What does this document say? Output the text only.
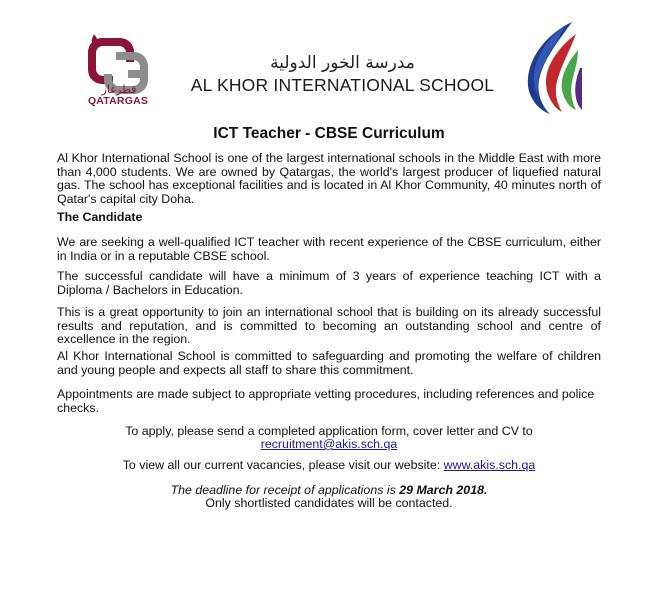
قطرغاز
QATARGAS
مدرسة الخور الدولية
AL KHOR INTERNATIONAL SCHOOL
ICT Teacher - CBSE Curriculum

Al Khor International School is one of the largest international schools in the Middle East with more than 4,000 students. We are owned by Qatargas, the world's largest producer of liquefied natural gas. The school has exceptional facilities and is located in Al Khor Community, 40 minutes north of Qatar's capital city Doha.

The Candidate

We are seeking a well-qualified ICT teacher with recent experience of the CBSE curriculum, either in India or in a reputable CBSE school.

The successful candidate will have a minimum of 3 years of experience teaching ICT with a Diploma / Bachelors in Education.

This is a great opportunity to join an international school that is building on its already successful results and reputation, and is committed to becoming an outstanding school and centre of excellence in the region.

Al Khor International School is committed to safeguarding and promoting the welfare of children and young people and expects all staff to share this commitment.

Appointments are made subject to appropriate vetting procedures, including references and police checks.

To apply, please send a completed application form, cover letter and CV to
recruitment@akis.sch.qa
To view all our current vacancies, please visit our website: www.akis.sch.qa
The deadline for receipt of applications is 29 March 2018.
Only shortlisted candidates will be contacted.
